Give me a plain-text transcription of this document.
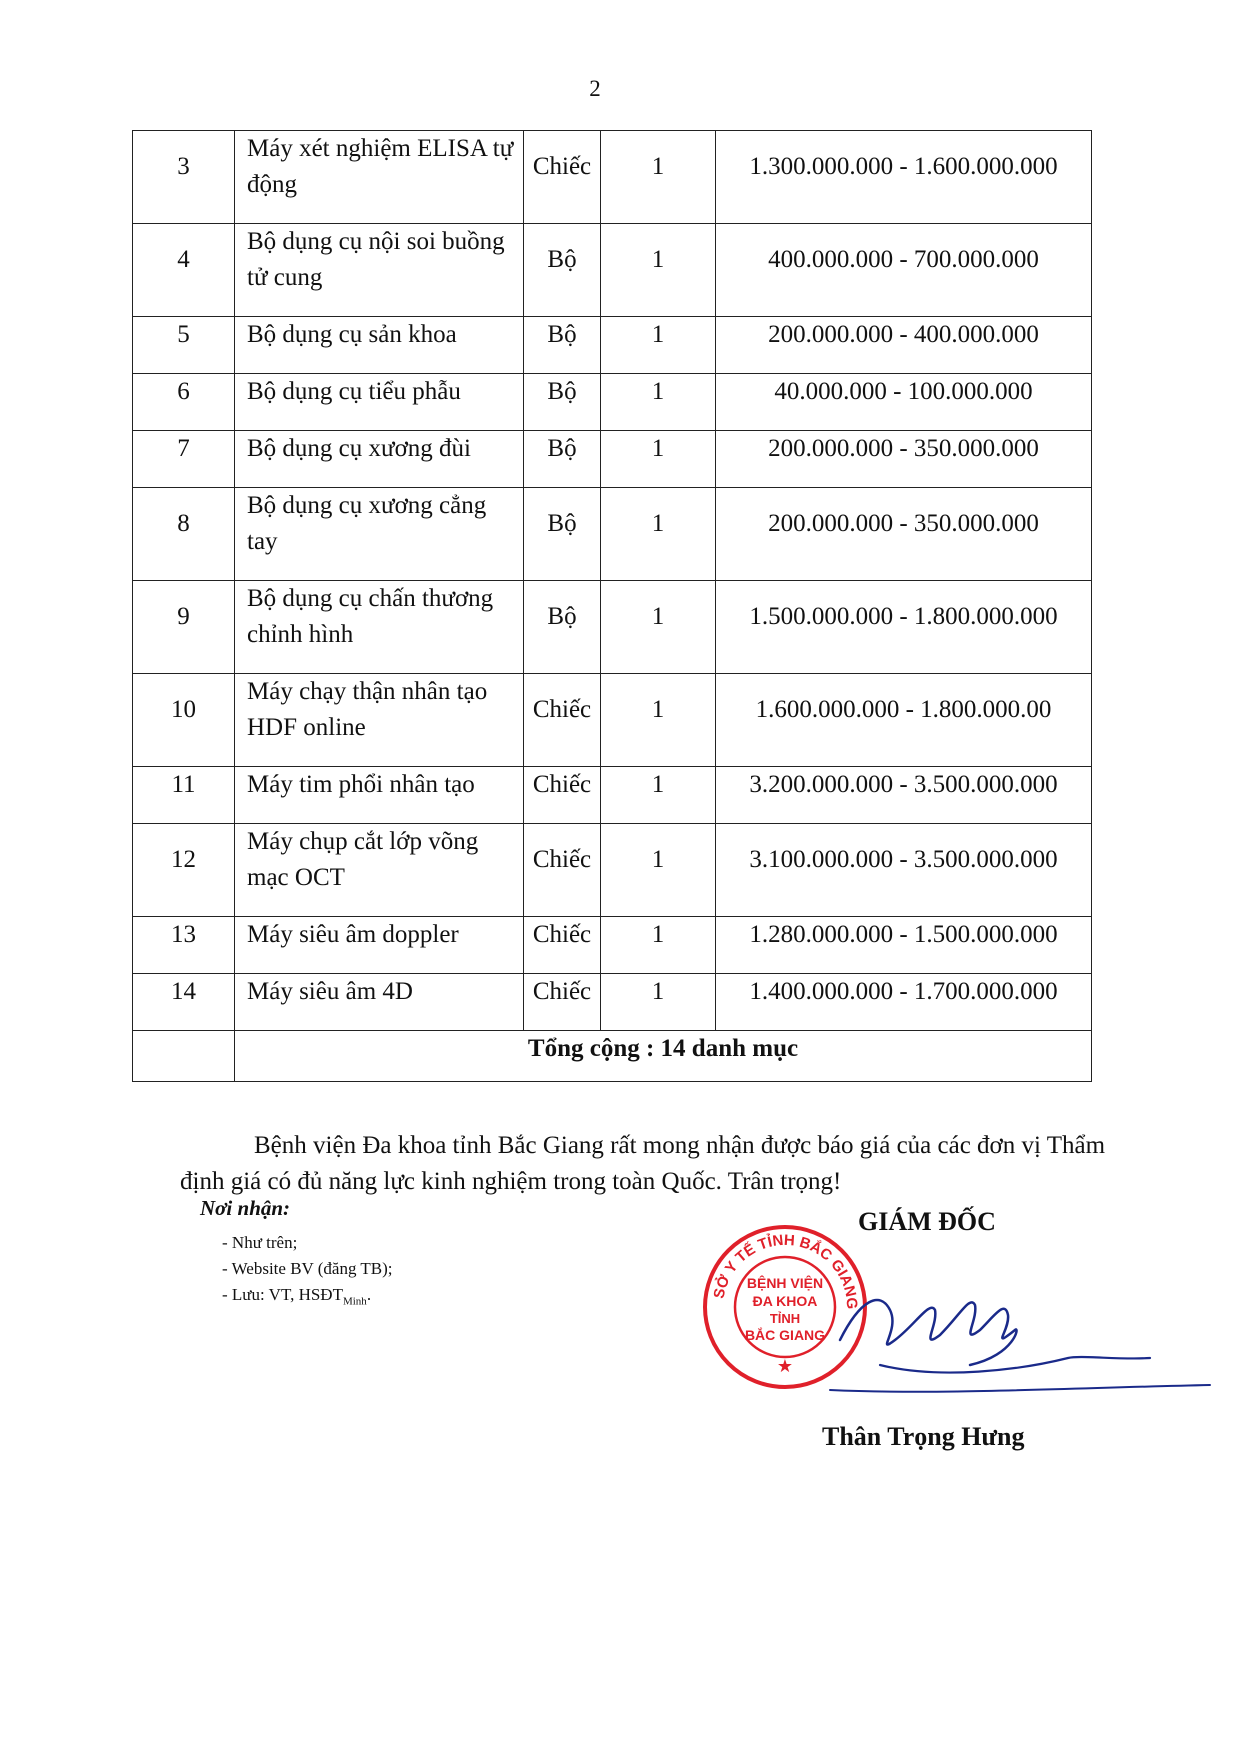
2
3	Máy xét nghiệm ELISA tự động	Chiếc	1	1.300.000.000 - 1.600.000.000
4	Bộ dụng cụ nội soi buồng tử cung	Bộ	1	400.000.000 - 700.000.000
5	Bộ dụng cụ sản khoa	Bộ	1	200.000.000 - 400.000.000
6	Bộ dụng cụ tiểu phẫu	Bộ	1	40.000.000 - 100.000.000
7	Bộ dụng cụ xương đùi	Bộ	1	200.000.000 - 350.000.000
8	Bộ dụng cụ xương cẳng tay	Bộ	1	200.000.000 - 350.000.000
9	Bộ dụng cụ chấn thương chỉnh hình	Bộ	1	1.500.000.000 - 1.800.000.000
10	Máy chạy thận nhân tạo HDF online	Chiếc	1	1.600.000.000 - 1.800.000.00
11	Máy tim phổi nhân tạo	Chiếc	1	3.200.000.000 - 3.500.000.000
12	Máy chụp cắt lớp võng mạc OCT	Chiếc	1	3.100.000.000 - 3.500.000.000
13	Máy siêu âm doppler	Chiếc	1	1.280.000.000 - 1.500.000.000
14	Máy siêu âm 4D	Chiếc	1	1.400.000.000 - 1.700.000.000
	Tổng cộng : 14 danh mục			
Bệnh viện Đa khoa tỉnh Bắc Giang rất mong nhận được báo giá của các đơn vị Thẩm định giá có đủ năng lực kinh nghiệm trong toàn Quốc. Trân trọng!
Nơi nhận:
- Như trên;
- Website BV (đăng TB);
- Lưu: VT, $HSĐT_{Minh}$.
GIÁM ĐỐC
SỞ Y TẾ TỈNH BẮC GIANG
BỆNH VIỆN
ĐA KHOA
TỈNH
BẮC GIANG
★
Thân Trọng Hưng
